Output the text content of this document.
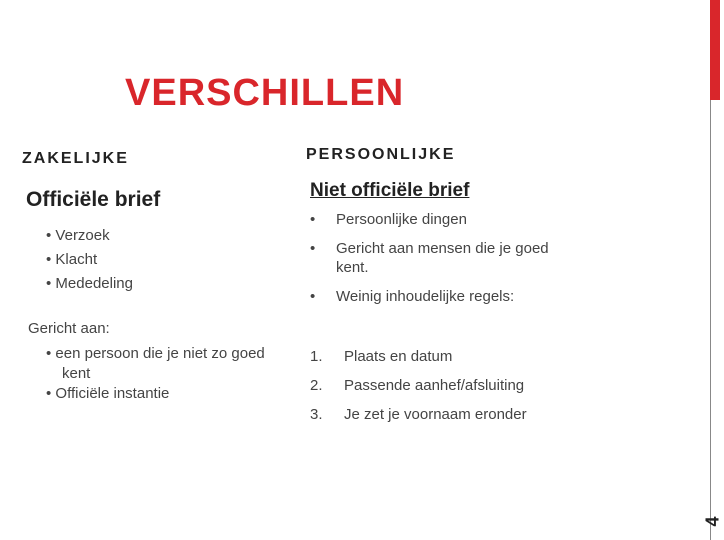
4
VERSCHILLEN
ZAKELIJKE	PERSOONLIJKE
Officiële brief	Niet officiële brief
• Verzoek
• Klacht
• Mededeling
Gericht aan:
• een persoon die je niet zo goed kent
• Officiële instantie
•	Persoonlijke dingen
•	Gericht aan mensen die je goed kent.
•	Weinig inhoudelijke regels:
1.	Plaats en datum
2.	Passende aanhef/afsluiting
3.	Je zet je voornaam eronder
